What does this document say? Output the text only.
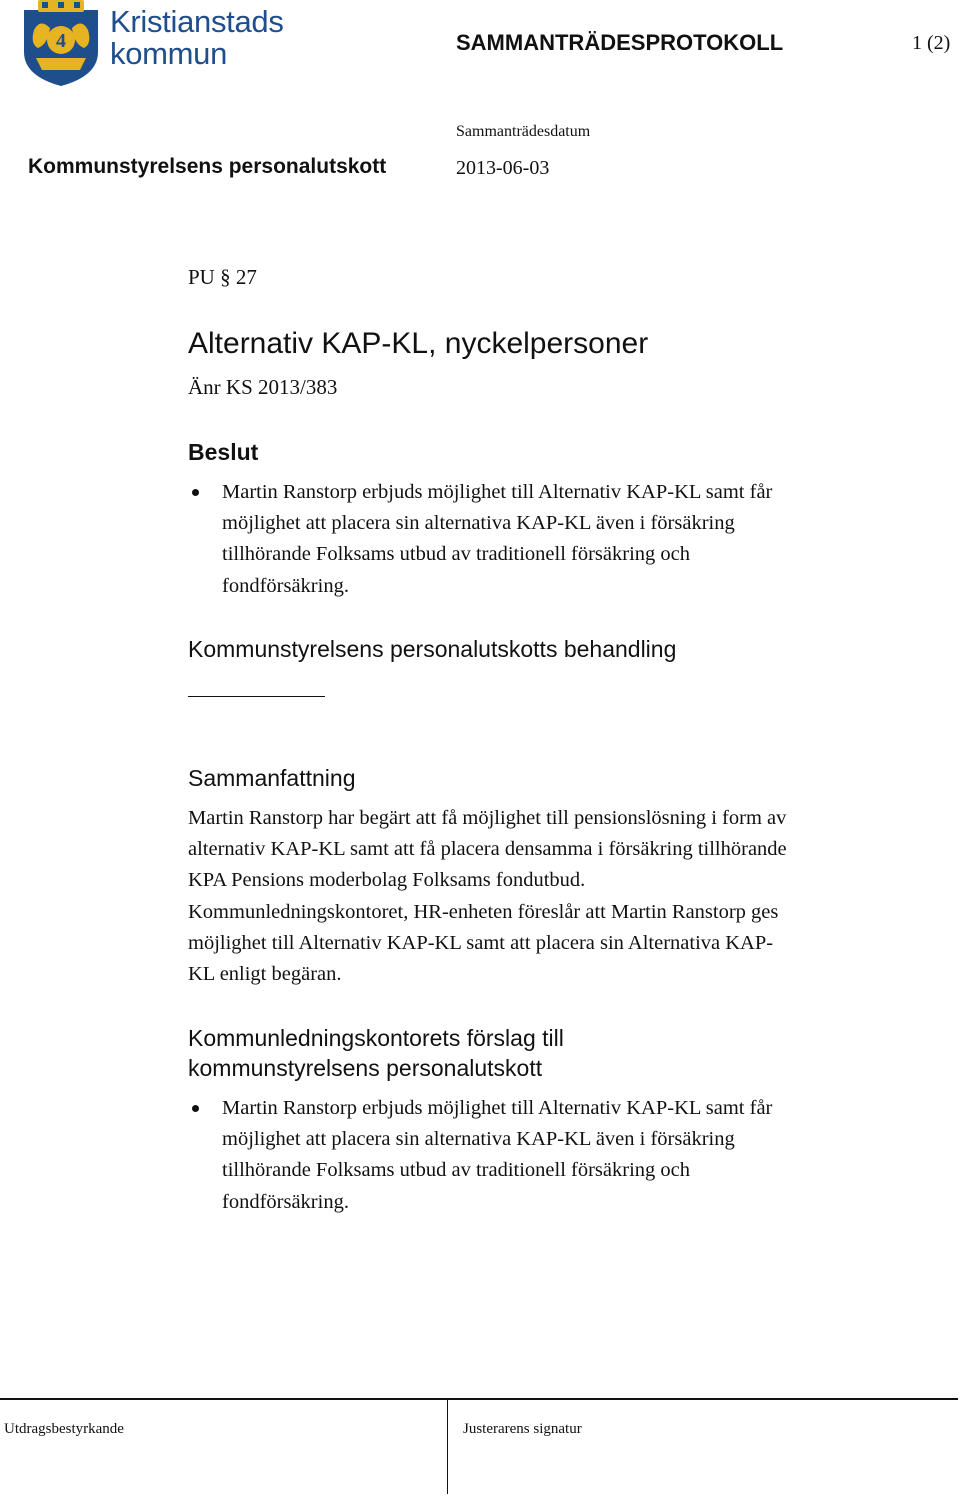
4
Kristianstads
kommun	SAMMANTRÄDESPROTOKOLL	1 (2)
Sammanträdesdatum
Kommunstyrelsens personalutskott	2013-06-03
PU § 27
Alternativ KAP-KL, nyckelpersoner
Änr KS 2013/383
Beslut
Martin Ranstorp erbjuds möjlighet till Alternativ KAP-KL samt får
möjlighet att placera sin alternativa KAP-KL även i försäkring
tillhörande Folksams utbud av traditionell försäkring och
fondförsäkring.
Kommunstyrelsens personalutskotts behandling
Sammanfattning
Martin Ranstorp har begärt att få möjlighet till pensionslösning i form av
alternativ KAP-KL samt att få placera densamma i försäkring tillhörande
KPA Pensions moderbolag Folksams fondutbud.
Kommunledningskontoret, HR-enheten föreslår att Martin Ranstorp ges
möjlighet till Alternativ KAP-KL samt att placera sin Alternativa KAP-
KL enligt begäran.
Kommunledningskontorets förslag till
kommunstyrelsens personalutskott
Martin Ranstorp erbjuds möjlighet till Alternativ KAP-KL samt får
möjlighet att placera sin alternativa KAP-KL även i försäkring
tillhörande Folksams utbud av traditionell försäkring och
fondförsäkring.
Utdragsbestyrkande	Justerarens signatur
